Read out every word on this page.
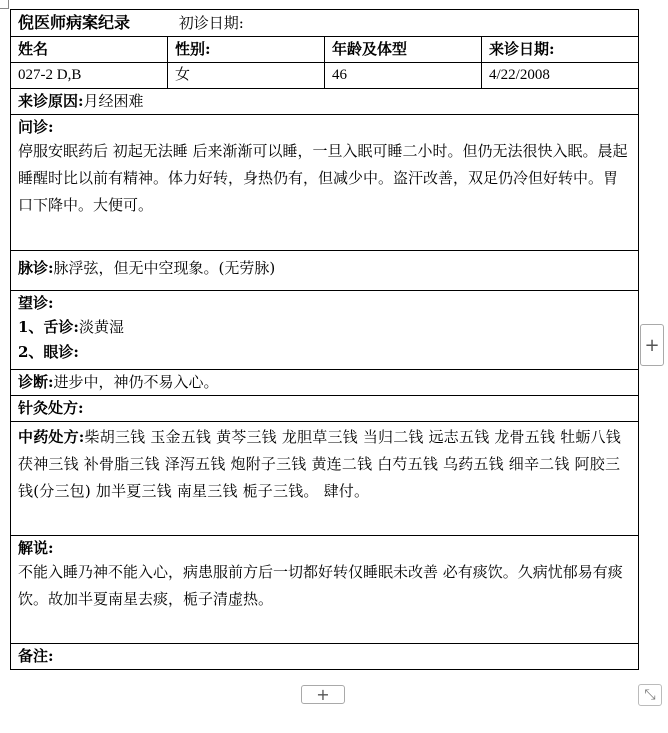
倪医师病案纪录 初诊日期:			
姓名	性别:	年龄及体型	来诊日期:
027-2 D,B	女	46	4/22/2008
来诊原因:月经困难			

问诊:
停服安眠药后 初起无法睡 后来渐渐可以睡，一旦入眠可睡二小时。但仍无法很快入眠。晨起睡醒时比以前有精神。体力好转，身热仍有，但减少中。盗汗改善，双足仍冷但好转中。胃口下降中。大便可。			

脉诊:脉浮弦，但无中空现象。(无劳脉)			

望诊:
1、舌诊:淡黄湿
2、眼诊:			

诊断:进步中，神仍不易入心。			
针灸处方:			

中药处方:柴胡三钱 玉金五钱 黄芩三钱 龙胆草三钱 当归二钱 远志五钱 龙骨五钱 牡蛎八钱 茯神三钱 补骨脂三钱 泽泻五钱 炮附子三钱 黄连二钱 白芍五钱 乌药五钱 细辛二钱 阿胶三钱(分三包) 加半夏三钱 南星三钱 栀子三钱。 肆付。			

解说:
不能入睡乃神不能入心，病患服前方后一切都好转仅睡眠未改善 必有痰饮。久病忧郁易有痰饮。故加半夏南星去痰，栀子清虚热。			

备注:			
+
+	⤡
